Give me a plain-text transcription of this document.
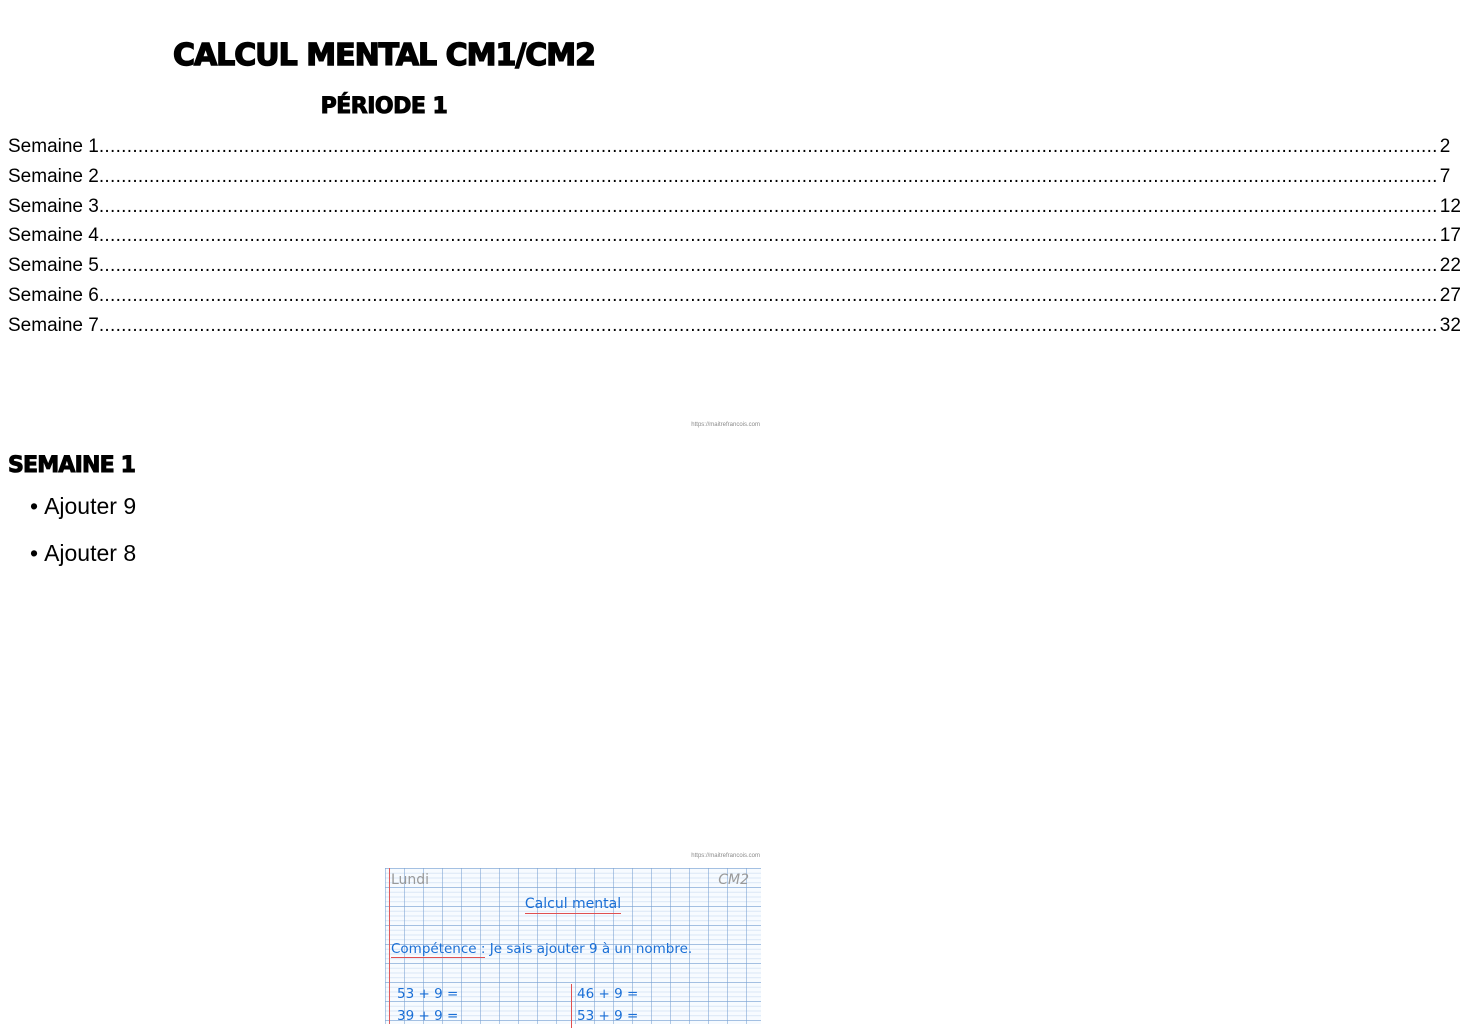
CALCUL MENTAL CM1/CM2
PÉRIODE 1
Semaine 1 ................................................................................................................................................................................................................................................ 2
Semaine 2 ................................................................................................................................................................................................................................................ 7
Semaine 3 ................................................................................................................................................................................................................................................ 12
Semaine 4 ................................................................................................................................................................................................................................................ 17
Semaine 5 ................................................................................................................................................................................................................................................ 22
Semaine 6 ................................................................................................................................................................................................................................................ 27
Semaine 7 ................................................................................................................................................................................................................................................ 32
https://maitrefrancois.com
SEMAINE 1
• Ajouter 9
• Ajouter 8
https://maitrefrancois.com
Lundi	CM2
Calcul mental
Compétence : Je sais ajouter 9 à un nombre.
53 + 9 =
39 + 9 =
46 + 9 =
53 + 9 =
